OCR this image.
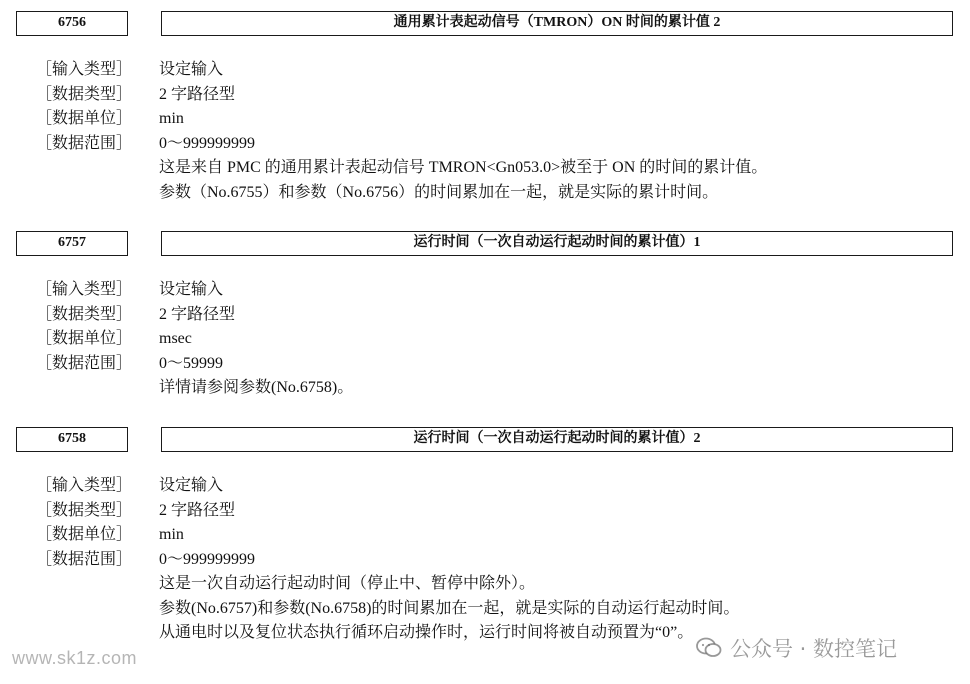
6756	通用累计表起动信号（TMRON）ON 时间的累计值 2
［输入类型］	设定输入
［数据类型］	2 字路径型
［数据单位］	min
［数据范围］	0～999999999
这是来自 PMC 的通用累计表起动信号 TMRON<Gn053.0>被至于 ON 的时间的累计值。
参数（No.6755）和参数（No.6756）的时间累加在一起，就是实际的累计时间。
6757	运行时间（一次自动运行起动时间的累计值）1
［输入类型］	设定输入
［数据类型］	2 字路径型
［数据单位］	msec
［数据范围］	0～59999
详情请参阅参数(No.6758)。
6758	运行时间（一次自动运行起动时间的累计值）2
［输入类型］	设定输入
［数据类型］	2 字路径型
［数据单位］	min
［数据范围］	0～999999999
这是一次自动运行起动时间（停止中、暂停中除外）。
参数(No.6757)和参数(No.6758)的时间累加在一起，就是实际的自动运行起动时间。
从通电时以及复位状态执行循环启动操作时，运行时间将被自动预置为“0”。
www.sk1z.com	公众号 · 数控笔记
